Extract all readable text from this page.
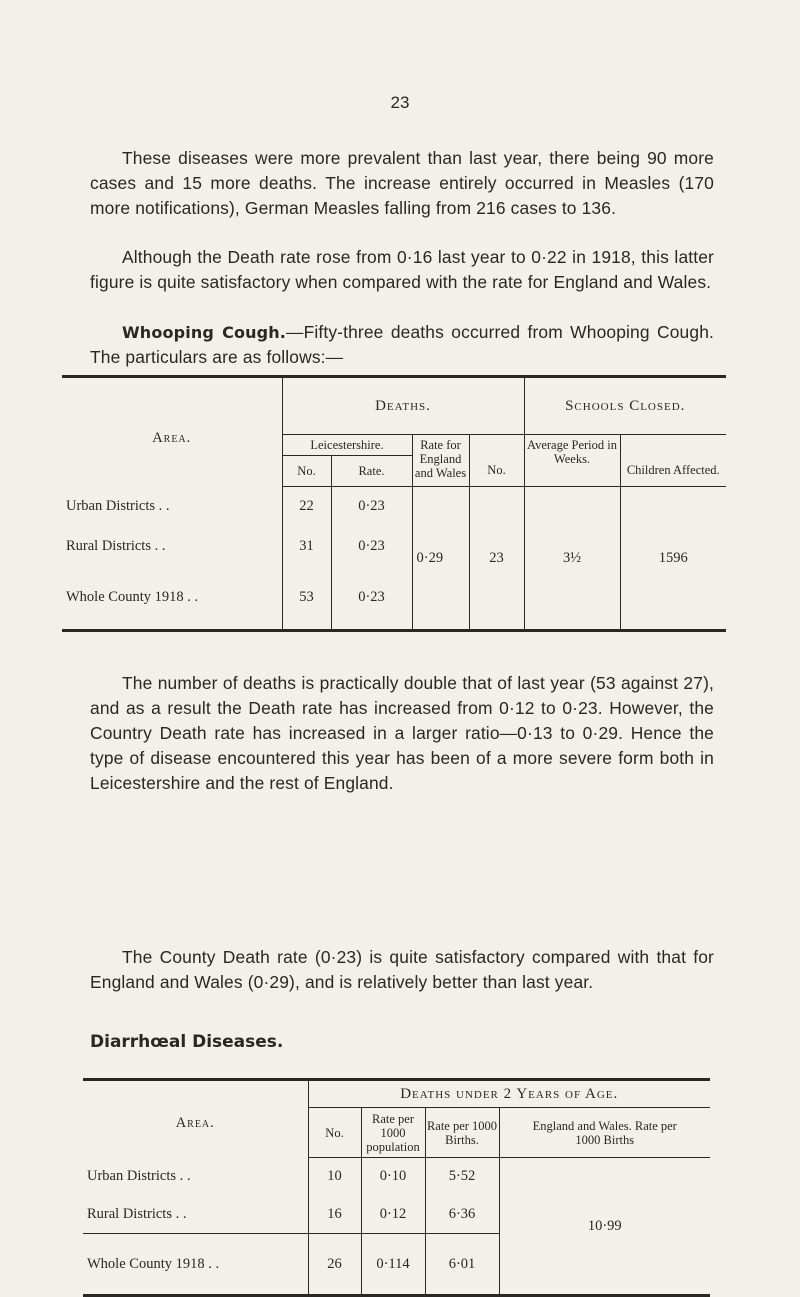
23

These diseases were more prevalent than last year, there being 90 more cases and 15 more deaths. The increase entirely occurred in Measles (170 more notifications), German Measles falling from 216 cases to 136.

Although the Death rate rose from 0·16 last year to 0·22 in 1918, this latter figure is quite satisfactory when compared with the rate for England and Wales.

Whooping Cough.—Fifty-three deaths occurred from Whooping Cough. The particulars are as follows:—

Area.	Deaths.				Schools Closed.	
	Leicestershire.		Rate for England and Wales	No.	Average Period in Weeks.	Children Affected.
	No.	Rate.				
Urban Districts . .	22	0·23	0·29	23	3½	1596
Rural Districts . .	31	0·23				
Whole County 1918 . .	53	0·23				

The number of deaths is practically double that of last year (53 against 27), and as a result the Death rate has increased from 0·12 to 0·23. However, the Country Death rate has increased in a larger ratio—0·13 to 0·29. Hence the type of disease encountered this year has been of a more severe form both in Leicestershire and the rest of England.

The County Death rate (0·23) is quite satisfactory compared with that for England and Wales (0·29), and is relatively better than last year.

Diarrhœal Diseases.
Area.	Deaths under 2 Years of Age.			
	No.	Rate per 1000 population	Rate per 1000 Births.	England and Wales. Rate per 1000 Births
Urban Districts . .	10	0·10	5·52	10·99
Rural Districts . .	16	0·12	6·36	
Whole County 1918 . .	26	0·114	6·01	
